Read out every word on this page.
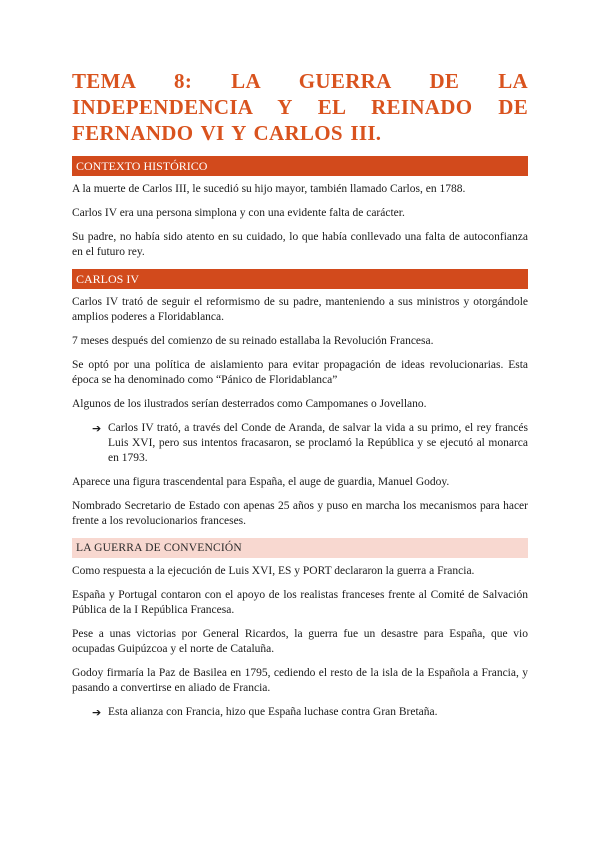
TEMA 8: LA GUERRA DE LA INDEPENDENCIA Y EL REINADO DE FERNANDO VI Y CARLOS III.
CONTEXTO HISTÓRICO

A la muerte de Carlos III, le sucedió su hijo mayor, también llamado Carlos, en 1788.

Carlos IV era una persona simplona y con una evidente falta de carácter.

Su padre, no había sido atento en su cuidado, lo que había conllevado una falta de autoconfianza en el futuro rey.

CARLOS IV

Carlos IV trató de seguir el reformismo de su padre, manteniendo a sus ministros y otorgándole amplios poderes a Floridablanca.

7 meses después del comienzo de su reinado estallaba la Revolución Francesa.

Se optó por una política de aislamiento para evitar propagación de ideas revolucionarias. Esta época se ha denominado como “Pánico de Floridablanca”

Algunos de los ilustrados serían desterrados como Campomanes o Jovellano.

➔ Carlos IV trató, a través del Conde de Aranda, de salvar la vida a su primo, el rey francés Luis XVI, pero sus intentos fracasaron, se proclamó la República y se ejecutó al monarca en 1793.

Aparece una figura trascendental para España, el auge de guardia, Manuel Godoy.

Nombrado Secretario de Estado con apenas 25 años y puso en marcha los mecanismos para hacer frente a los revolucionarios franceses.

LA GUERRA DE CONVENCIÓN

Como respuesta a la ejecución de Luis XVI, ES y PORT declararon la guerra a Francia.

España y Portugal contaron con el apoyo de los realistas franceses frente al Comité de Salvación Pública de la I República Francesa.

Pese a unas victorias por General Ricardos, la guerra fue un desastre para España, que vio ocupadas Guipúzcoa y el norte de Cataluña.

Godoy firmaría la Paz de Basilea en 1795, cediendo el resto de la isla de la Española a Francia, y pasando a convertirse en aliado de Francia.

➔ Esta alianza con Francia, hizo que España luchase contra Gran Bretaña.
